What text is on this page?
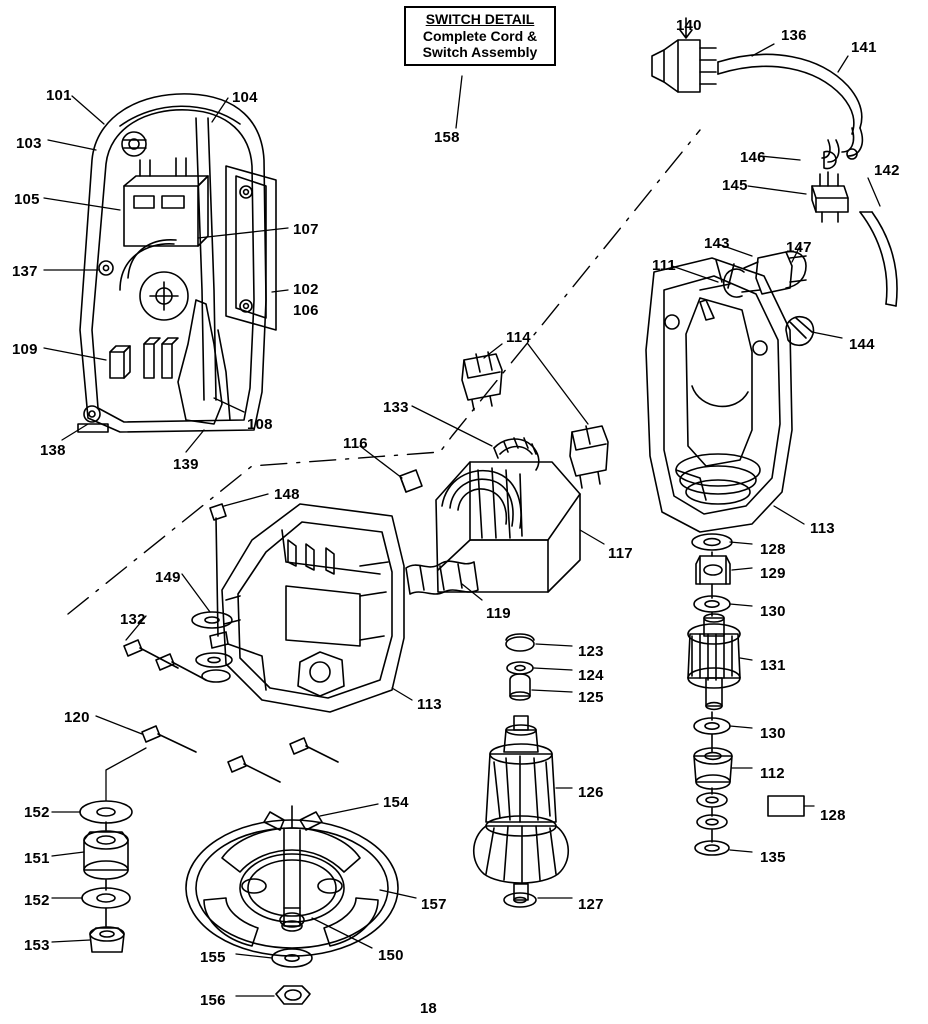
SWITCH DETAIL
Complete Cord &
Switch Assembly
158
18
101
103
104
105
107
102
106
137
109
108
138
139
140
136
141
146
142
145
143	147
111
144
114
133
116
117
119
113
128
129
130
131
130
112
128
135
148
149
132
120
113
123
124
125
126
127
152
151
152
153
154
157
150
155
156
